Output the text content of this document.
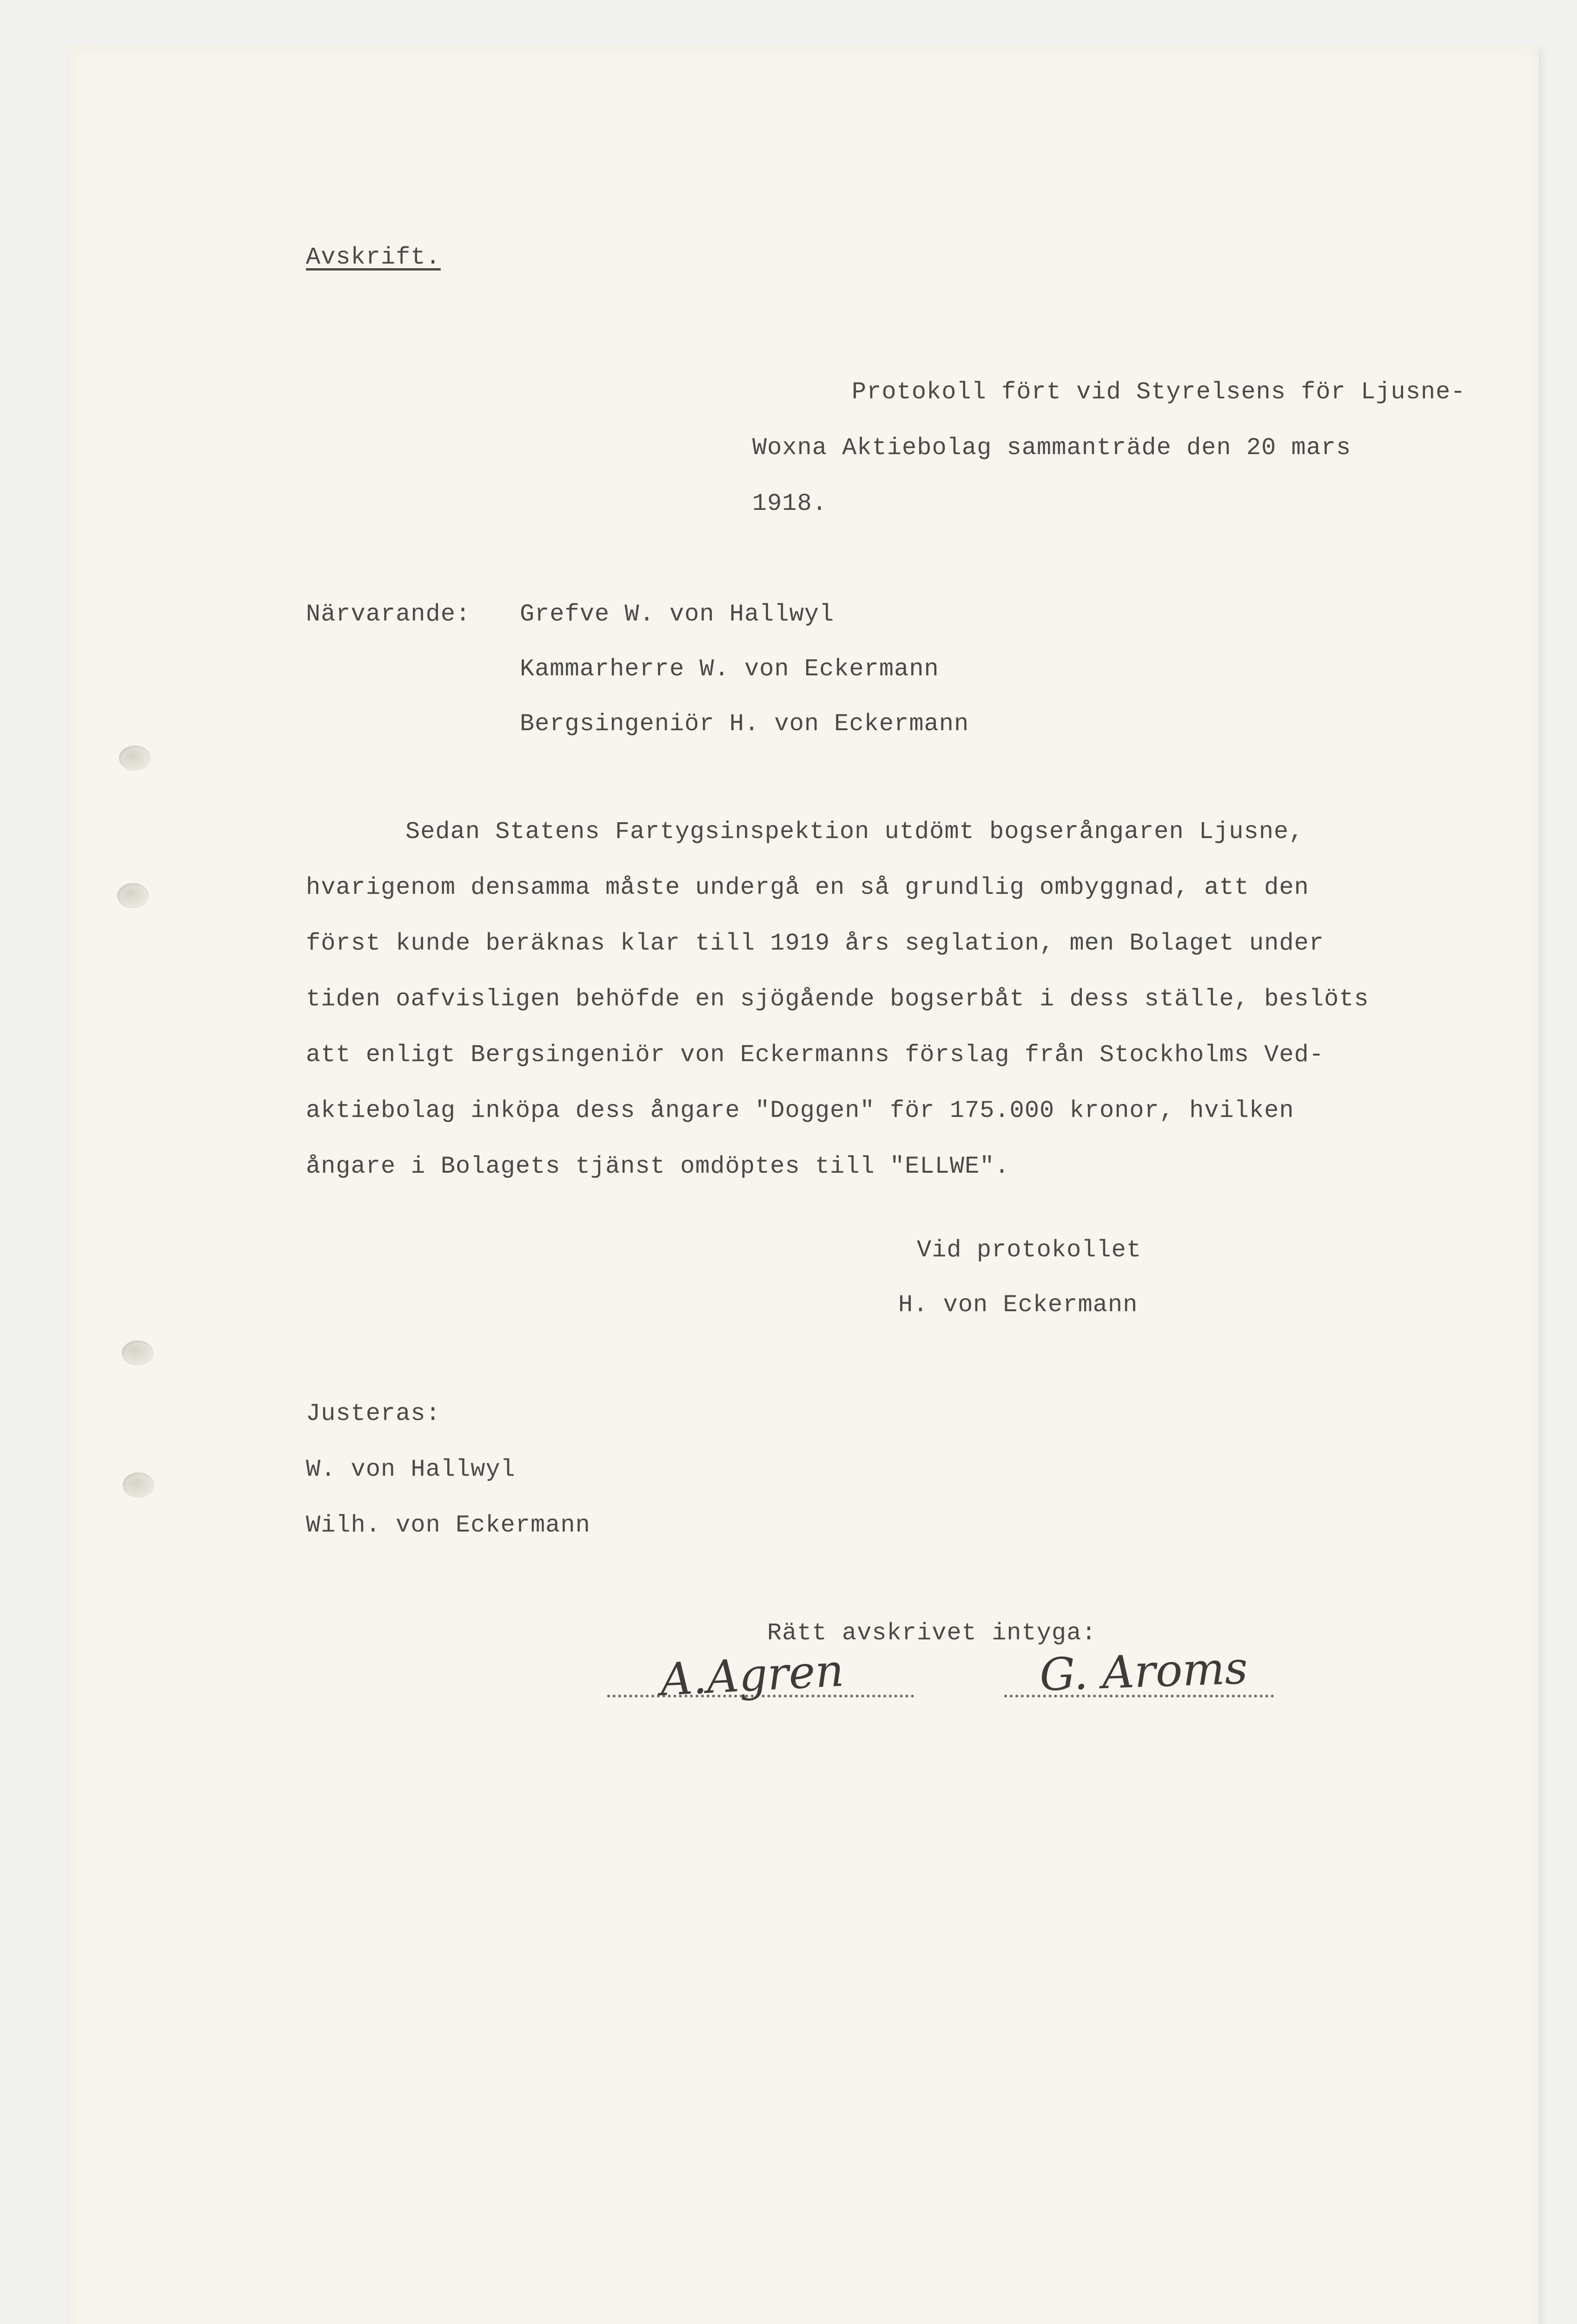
Avskrift.
Protokoll fört vid Styrelsens för Ljusne-
Woxna Aktiebolag sammanträde den 20 mars
1918.
Närvarande: Grefve W. von Hallwyl
Kammarherre W. von Eckermann
Bergsingeniör H. von Eckermann
Sedan Statens Fartygsinspektion utdömt bogserångaren Ljusne,
hvarigenom densamma måste undergå en så grundlig ombyggnad, att den
först kunde beräknas klar till 1919 års seglation, men Bolaget under
tiden oafvisligen behöfde en sjögående bogserbåt i dess ställe, beslöts
att enligt Bergsingeniör von Eckermanns förslag från Stockholms Ved-
aktiebolag inköpa dess ångare "Doggen" för 175.000 kronor, hvilken
ångare i Bolagets tjänst omdöptes till "ELLWE".
Vid protokollet
H. von Eckermann
Justeras:
W. von Hallwyl
Wilh. von Eckermann
Rätt avskrivet intyga:
A.Agren	G. Aroms
